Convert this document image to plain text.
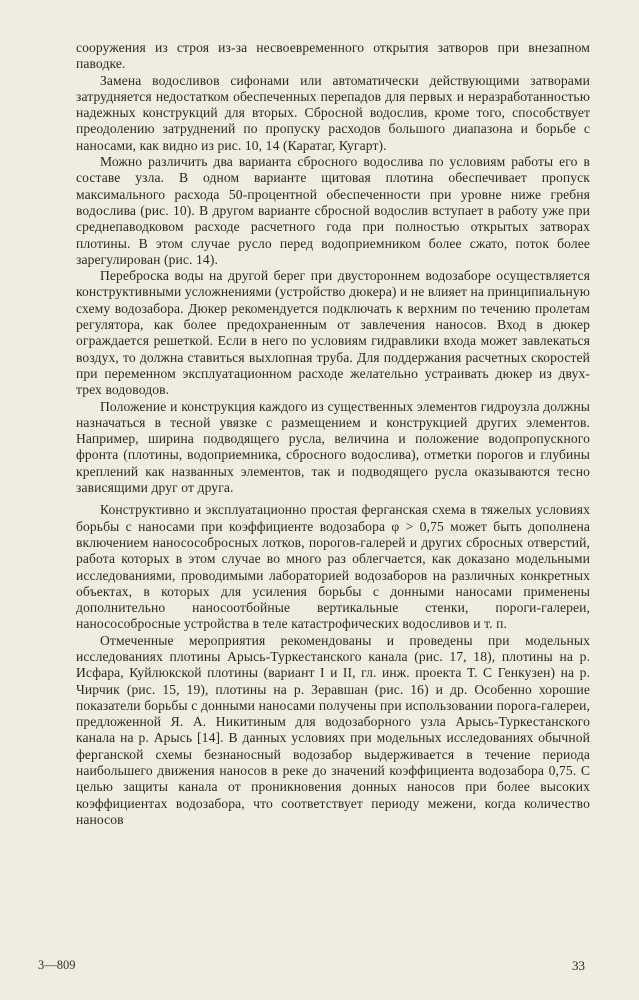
сооружения из строя из-за несвоевременного открытия затворов при внезапном паводке.

Замена водосливов сифонами или автоматически действующими затворами затрудняется недостатком обеспеченных перепадов для первых и неразработанностью надежных конструкций для вторых. Сбросной водослив, кроме того, способствует преодолению затруднений по пропуску расходов большого диапазона и борьбе с наносами, как видно из рис. 10, 14 (Каратаг, Кугарт).

Можно различить два варианта сбросного водослива по условиям работы его в составе узла. В одном варианте щитовая плотина обеспечивает пропуск максимального расхода 50-процентной обеспеченности при уровне ниже гребня водослива (рис. 10). В другом варианте сбросной водослив вступает в работу уже при среднепаводковом расходе расчетного года при полностью открытых затворах плотины. В этом случае русло перед водоприемником более сжато, поток более зарегулирован (рис. 14).

Переброска воды на другой берег при двустороннем водозаборе осуществляется конструктивными усложнениями (устройство дюкера) и не влияет на принципиальную схему водозабора. Дюкер рекомендуется подключать к верхним по течению пролетам регулятора, как более предохраненным от завлечения наносов. Вход в дюкер ограждается решеткой. Если в него по условиям гидравлики входа может завлекаться воздух, то должна ставиться выхлопная труба. Для поддержания расчетных скоростей при переменном эксплуатационном расходе желательно устраивать дюкер из двух-трех водоводов.

Положение и конструкция каждого из существенных элементов гидроузла должны назначаться в тесной увязке с размещением и конструкцией других элементов. Например, ширина подводящего русла, величина и положение водопропускного фронта (плотины, водоприемника, сбросного водослива), отметки порогов и глубины креплений как названных элементов, так и подводящего русла оказываются тесно зависящими друг от друга.

Конструктивно и эксплуатационно простая ферганская схема в тяжелых условиях борьбы с наносами при коэффициенте водозабора φ > 0,75 может быть дополнена включением наносособросных лотков, порогов-галерей и других сбросных отверстий, работа которых в этом случае во много раз облегчается, как доказано модельными исследованиями, проводимыми лабораторией водозаборов на различных конкретных объектах, в которых для усиления борьбы с донными наносами применены дополнительно наносоотбойные вертикальные стенки, пороги-галереи, наносособросные устройства в теле катастрофических водосливов и т. п.

Отмеченные мероприятия рекомендованы и проведены при модельных исследованиях плотины Арысь-Туркестанского канала (рис. 17, 18), плотины на р. Исфара, Куйлюкской плотины (вариант I и II, гл. инж. проекта Т. С Генкузен) на р. Чирчик (рис. 15, 19), плотины на р. Зеравшан (рис. 16) и др. Особенно хорошие показатели борьбы с донными наносами получены при использовании порога-галереи, предложенной Я. А. Никитиным для водозаборного узла Арысь-Туркестанского канала на р. Арысь [14]. В данных условиях при модельных исследованиях обычной ферганской схемы безнаносный водозабор выдерживается в течение периода наибольшего движения наносов в реке до значений коэффициента водозабора 0,75. С целью защиты канала от проникновения донных наносов при более высоких коэффициентах водозабора, что соответствует периоду межени, когда количество наносов

3—809	33
